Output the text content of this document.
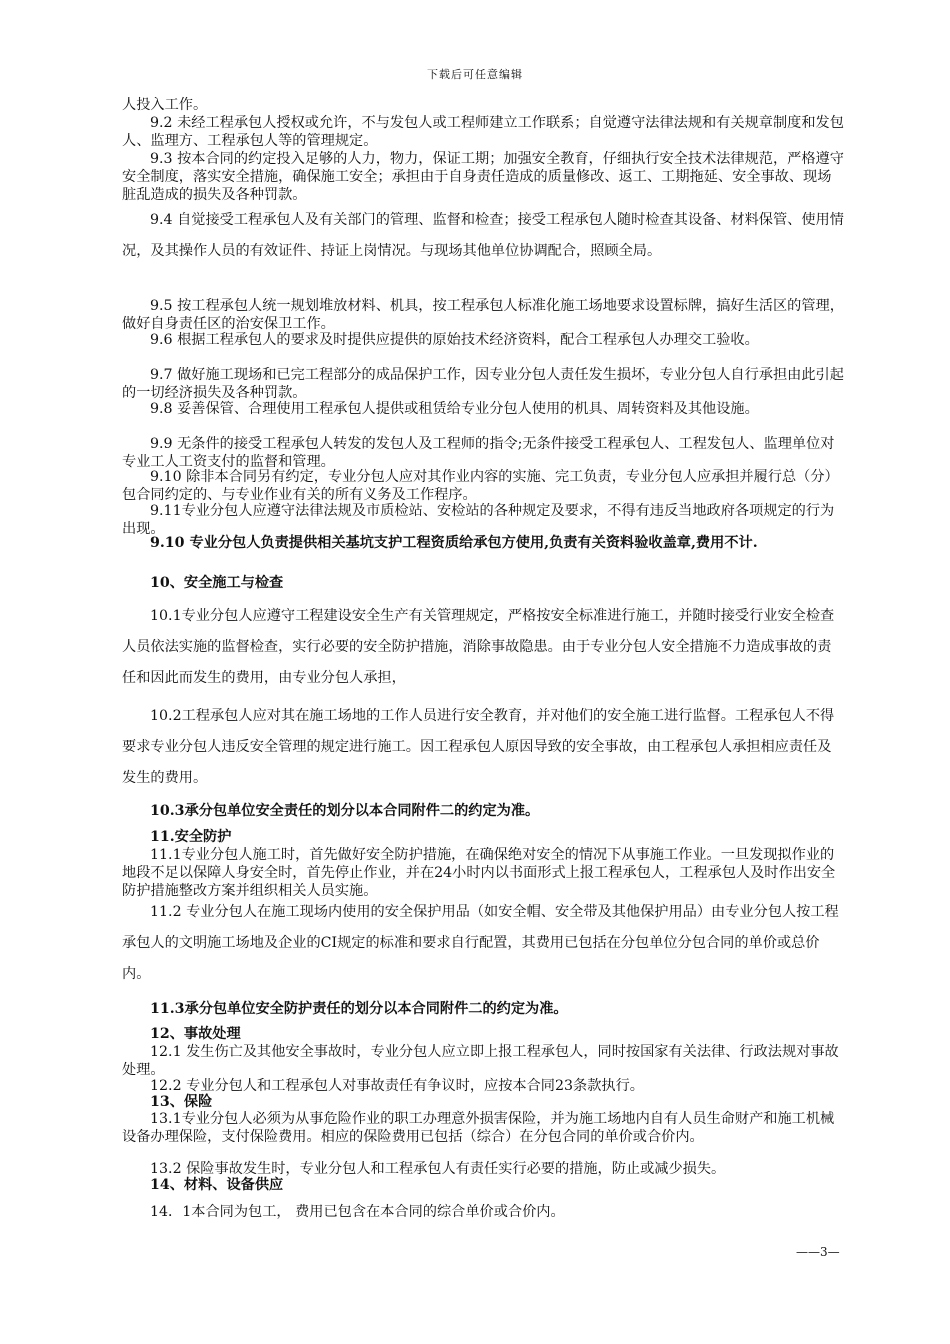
下载后可任意编辑

人投入工作。

9.2 未经工程承包人授权或允许，不与发包人或工程师建立工作联系；自觉遵守法律法规和有关规章制度和发包人、监理方、工程承包人等的管理规定。

9.3 按本合同的约定投入足够的人力，物力，保证工期；加强安全教育，仔细执行安全技术法律规范，严格遵守安全制度，落实安全措施，确保施工安全；承担由于自身责任造成的质量修改、返工、工期拖延、安全事故、现场脏乱造成的损失及各种罚款。

9.4 自觉接受工程承包人及有关部门的管理、监督和检查；接受工程承包人随时检查其设备、材料保管、使用情况，及其操作人员的有效证件、持证上岗情况。与现场其他单位协调配合，照顾全局。

9.5 按工程承包人统一规划堆放材料、机具，按工程承包人标准化施工场地要求设置标牌，搞好生活区的管理，做好自身责任区的治安保卫工作。

9.6 根据工程承包人的要求及时提供应提供的原始技术经济资料，配合工程承包人办理交工验收。

9.7 做好施工现场和已完工程部分的成品保护工作，因专业分包人责任发生损坏，专业分包人自行承担由此引起的一切经济损失及各种罚款。

9.8 妥善保管、合理使用工程承包人提供或租赁给专业分包人使用的机具、周转资料及其他设施。

9.9 无条件的接受工程承包人转发的发包人及工程师的指令;无条件接受工程承包人、工程发包人、监理单位对专业工人工资支付的监督和管理。

9.10 除非本合同另有约定，专业分包人应对其作业内容的实施、完工负责，专业分包人应承担并履行总（分）包合同约定的、与专业作业有关的所有义务及工作程序。

9.11专业分包人应遵守法律法规及市质检站、安检站的各种规定及要求，不得有违反当地政府各项规定的行为出现。

9.10 专业分包人负责提供相关基坑支护工程资质给承包方使用,负责有关资料验收盖章,费用不计.

10、安全施工与检查

10.1专业分包人应遵守工程建设安全生产有关管理规定，严格按安全标准进行施工，并随时接受行业安全检查人员依法实施的监督检查，实行必要的安全防护措施，消除事故隐患。由于专业分包人安全措施不力造成事故的责任和因此而发生的费用，由专业分包人承担，

10.2工程承包人应对其在施工场地的工作人员进行安全教育，并对他们的安全施工进行监督。工程承包人不得要求专业分包人违反安全管理的规定进行施工。因工程承包人原因导致的安全事故，由工程承包人承担相应责任及发生的费用。

10.3承分包单位安全责任的划分以本合同附件二的约定为准。

11.安全防护

11.1专业分包人施工时，首先做好安全防护措施，在确保绝对安全的情况下从事施工作业。一旦发现拟作业的地段不足以保障人身安全时，首先停止作业，并在24小时内以书面形式上报工程承包人，工程承包人及时作出安全防护措施整改方案并组织相关人员实施。

11.2 专业分包人在施工现场内使用的安全保护用品（如安全帽、安全带及其他保护用品）由专业分包人按工程承包人的文明施工场地及企业的CI规定的标准和要求自行配置，其费用已包括在分包单位分包合同的单价或总价内。

11.3承分包单位安全防护责任的划分以本合同附件二的约定为准。

12、事故处理

12.1 发生伤亡及其他安全事故时，专业分包人应立即上报工程承包人，同时按国家有关法律、行政法规对事故处理。

12.2 专业分包人和工程承包人对事故责任有争议时，应按本合同23条款执行。

13、保险

13.1专业分包人必须为从事危险作业的职工办理意外损害保险，并为施工场地内自有人员生命财产和施工机械设备办理保险，支付保险费用。相应的保险费用已包括（综合）在分包合同的单价或合价内。

13.2 保险事故发生时，专业分包人和工程承包人有责任实行必要的措施，防止或减少损失。

14、材料、设备供应

14．1本合同为包工， 费用已包含在本合同的综合单价或合价内。

——3—
